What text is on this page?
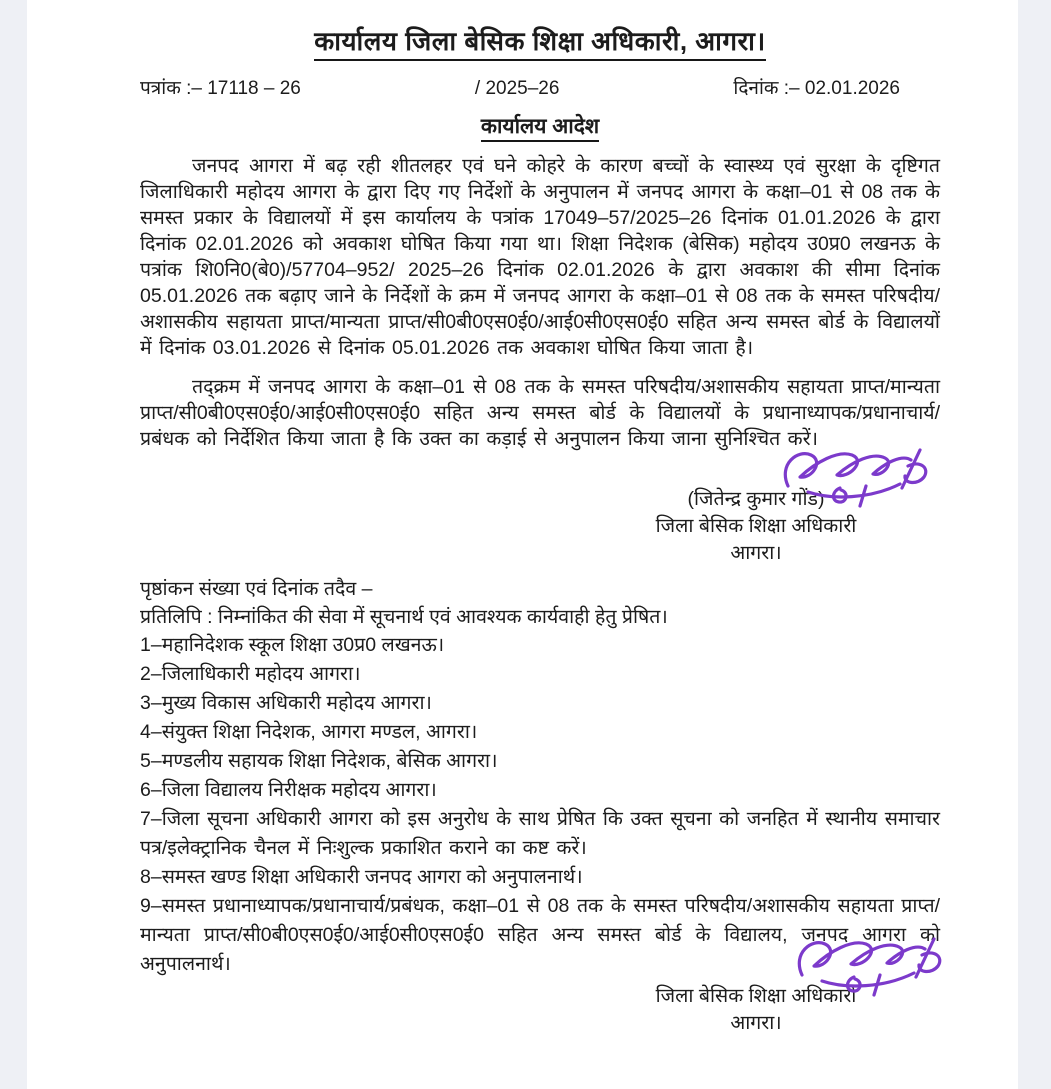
कार्यालय जिला बेसिक शिक्षा अधिकारी, आगरा।
पत्रांक :– 17118 – 26	/ 2025–26	दिनांक :– 02.01.2026
कार्यालय आदेश
जनपद आगरा में बढ़ रही शीतलहर एवं घने कोहरे के कारण बच्चों के स्वास्थ्य एवं सुरक्षा के दृष्टिगत जिलाधिकारी महोदय आगरा के द्वारा दिए गए निर्देशों के अनुपालन में जनपद आगरा के कक्षा–01 से 08 तक के समस्त प्रकार के विद्यालयों में इस कार्यालय के पत्रांक 17049–57/2025–26 दिनांक 01.01.2026 के द्वारा दिनांक 02.01.2026 को अवकाश घोषित किया गया था। शिक्षा निदेशक (बेसिक) महोदय उ0प्र0 लखनऊ के पत्रांक शि0नि0(बे0)/57704–952/ 2025–26 दिनांक 02.01.2026 के द्वारा अवकाश की सीमा दिनांक 05.01.2026 तक बढ़ाए जाने के निर्देशों के क्रम में जनपद आगरा के कक्षा–01 से 08 तक के समस्त परिषदीय/अशासकीय सहायता प्राप्त/मान्यता प्राप्त/सी0बी0एस0ई0/आई0सी0एस0ई0 सहित अन्य समस्त बोर्ड के विद्यालयों में दिनांक 03.01.2026 से दिनांक 05.01.2026 तक अवकाश घोषित किया जाता है।
तद्क्रम में जनपद आगरा के कक्षा–01 से 08 तक के समस्त परिषदीय/अशासकीय सहायता प्राप्त/मान्यता प्राप्त/सी0बी0एस0ई0/आई0सी0एस0ई0 सहित अन्य समस्त बोर्ड के विद्यालयों के प्रधानाध्यापक/प्रधानाचार्य/प्रबंधक को निर्देशित किया जाता है कि उक्त का कड़ाई से अनुपालन किया जाना सुनिश्चित करें।
(जितेन्द्र कुमार गोंड)
जिला बेसिक शिक्षा अधिकारी
आगरा।
पृष्ठांकन संख्या एवं दिनांक तदैव –
प्रतिलिपि : निम्नांकित की सेवा में सूचनार्थ एवं आवश्यक कार्यवाही हेतु प्रेषित।
1–महानिदेशक स्कूल शिक्षा उ0प्र0 लखनऊ।
2–जिलाधिकारी महोदय आगरा।
3–मुख्य विकास अधिकारी महोदय आगरा।
4–संयुक्त शिक्षा निदेशक, आगरा मण्डल, आगरा।
5–मण्डलीय सहायक शिक्षा निदेशक, बेसिक आगरा।
6–जिला विद्यालय निरीक्षक महोदय आगरा।
7–जिला सूचना अधिकारी आगरा को इस अनुरोध के साथ प्रेषित कि उक्त सूचना को जनहित में स्थानीय समाचार पत्र/इलेक्ट्रानिक चैनल में निःशुल्क प्रकाशित कराने का कष्ट करें।
8–समस्त खण्ड शिक्षा अधिकारी जनपद आगरा को अनुपालनार्थ।
9–समस्त प्रधानाध्यापक/प्रधानाचार्य/प्रबंधक, कक्षा–01 से 08 तक के समस्त परिषदीय/अशासकीय सहायता प्राप्त/मान्यता प्राप्त/सी0बी0एस0ई0/आई0सी0एस0ई0 सहित अन्य समस्त बोर्ड के विद्यालय, जनपद आगरा को अनुपालनार्थ।
जिला बेसिक शिक्षा अधिकारी
आगरा।
